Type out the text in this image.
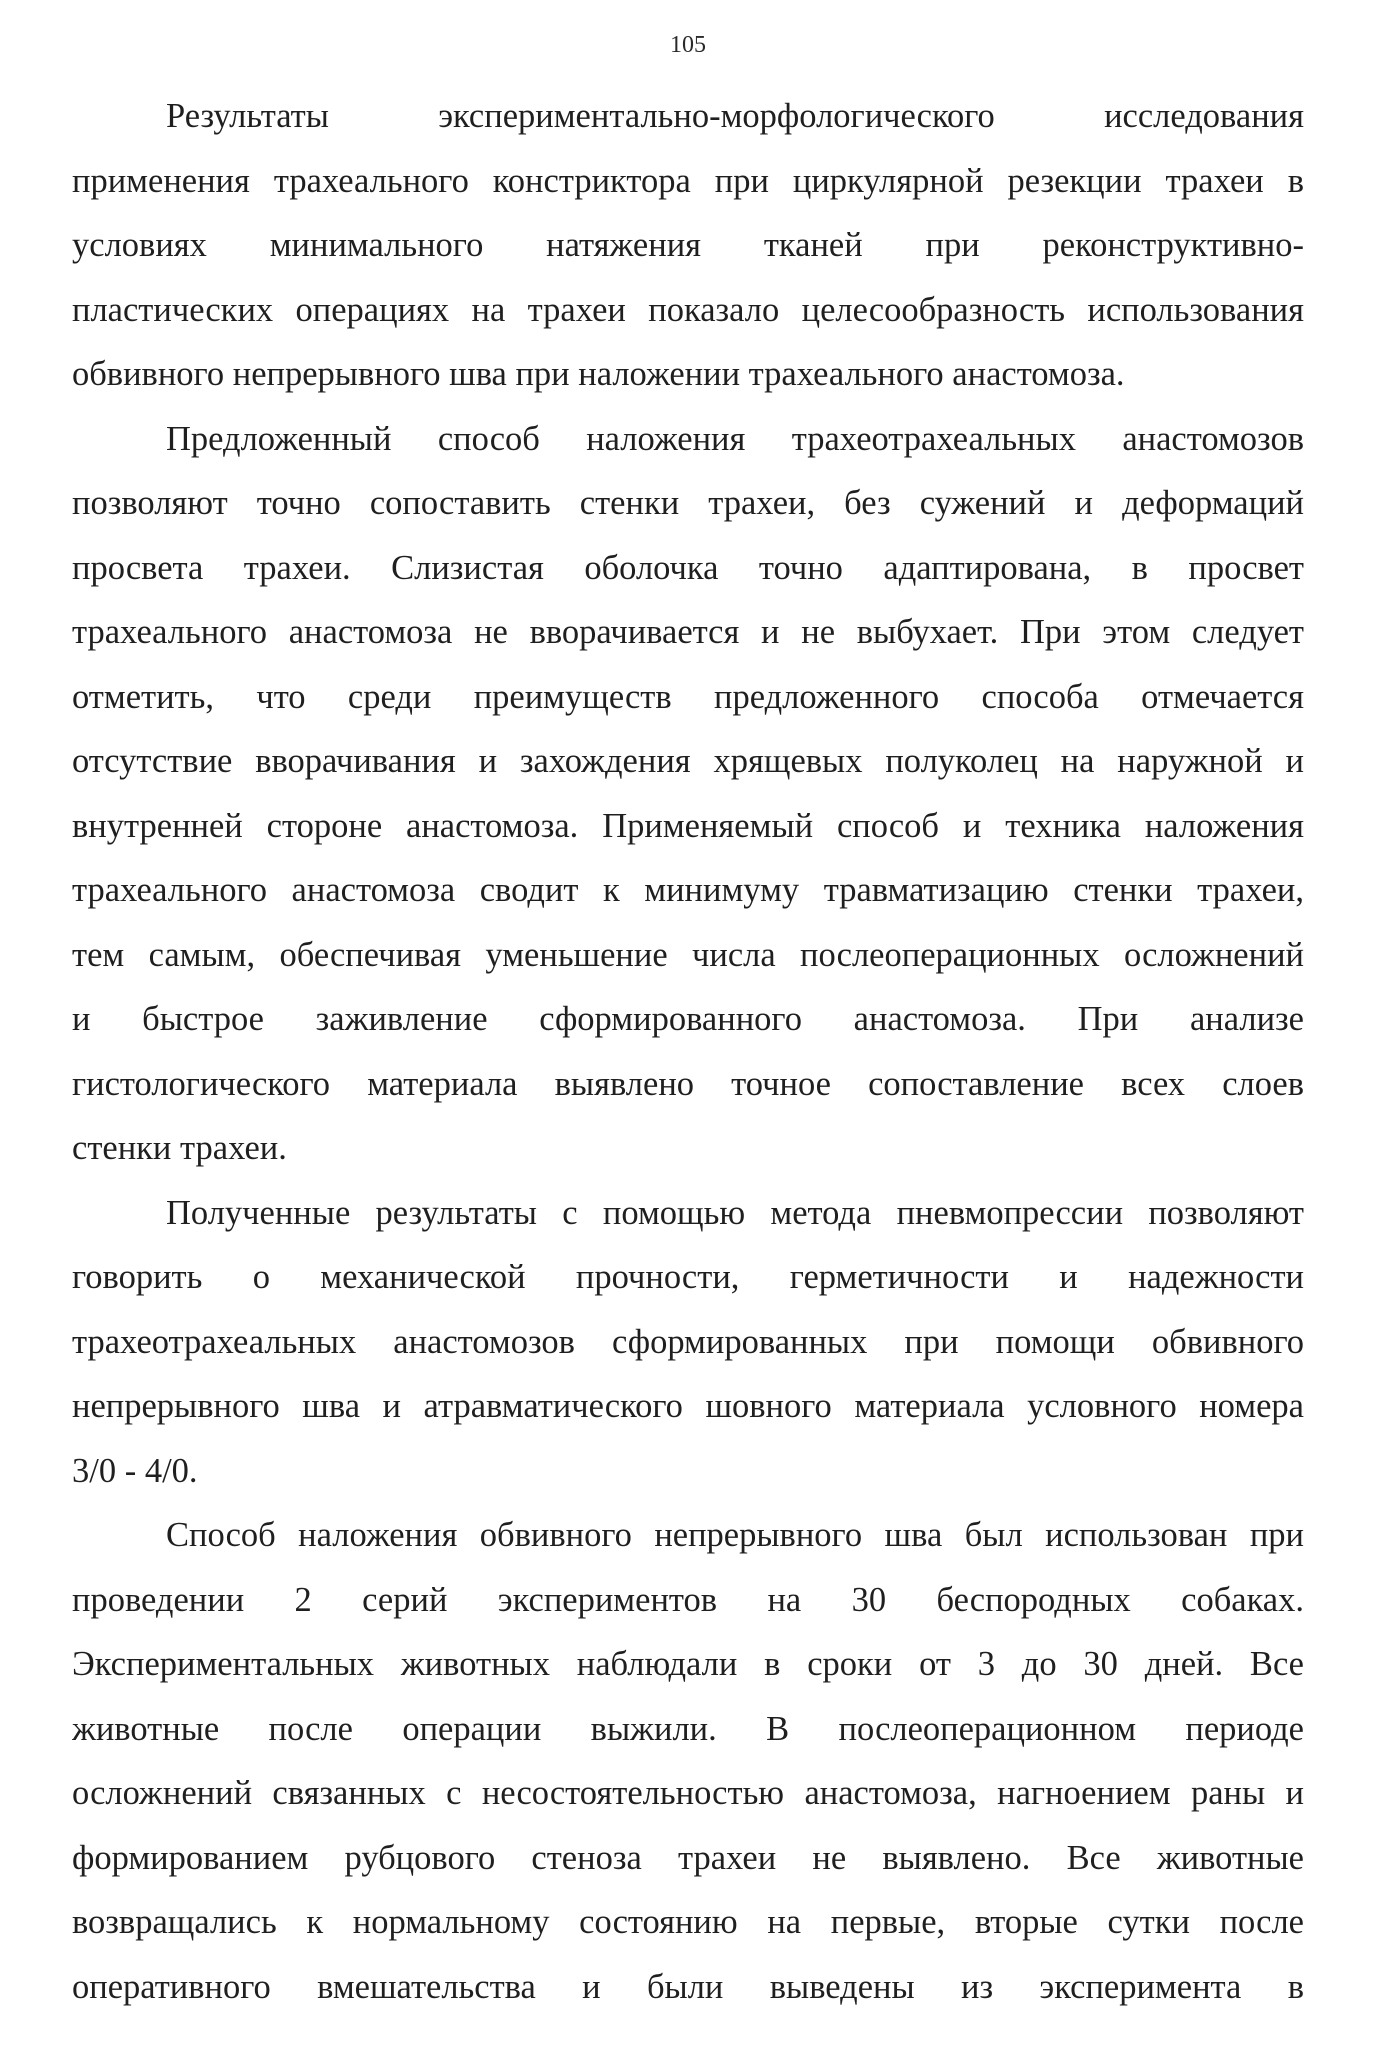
105
Результаты экспериментально-морфологического исследования
применения трахеального констриктора при циркулярной резекции трахеи в
условиях минимального натяжения тканей при реконструктивно-
пластических операциях на трахеи показало целесообразность использования
обвивного непрерывного шва при наложении трахеального анастомоза.
Предложенный способ наложения трахеотрахеальных анастомозов
позволяют точно сопоставить стенки трахеи, без сужений и деформаций
просвета трахеи. Слизистая оболочка точно адаптирована, в просвет
трахеального анастомоза не вворачивается и не выбухает. При этом следует
отметить, что среди преимуществ предложенного способа отмечается
отсутствие вворачивания и захождения хрящевых полуколец на наружной и
внутренней стороне анастомоза. Применяемый способ и техника наложения
трахеального анастомоза сводит к минимуму травматизацию стенки трахеи,
тем самым, обеспечивая уменьшение числа послеоперационных осложнений
и быстрое заживление сформированного анастомоза. При анализе
гистологического материала выявлено точное сопоставление всех слоев
стенки трахеи.
Полученные результаты с помощью метода пневмопрессии позволяют
говорить о механической прочности, герметичности и надежности
трахеотрахеальных анастомозов сформированных при помощи обвивного
непрерывного шва и атравматического шовного материала условного номера
3/0 - 4/0.
Способ наложения обвивного непрерывного шва был использован при
проведении 2 серий экспериментов на 30 беспородных собаках.
Экспериментальных животных наблюдали в сроки от 3 до 30 дней. Все
животные после операции выжили. В послеоперационном периоде
осложнений связанных с несостоятельностью анастомоза, нагноением раны и
формированием рубцового стеноза трахеи не выявлено. Все животные
возвращались к нормальному состоянию на первые, вторые сутки после
оперативного вмешательства и были выведены из эксперимента в
